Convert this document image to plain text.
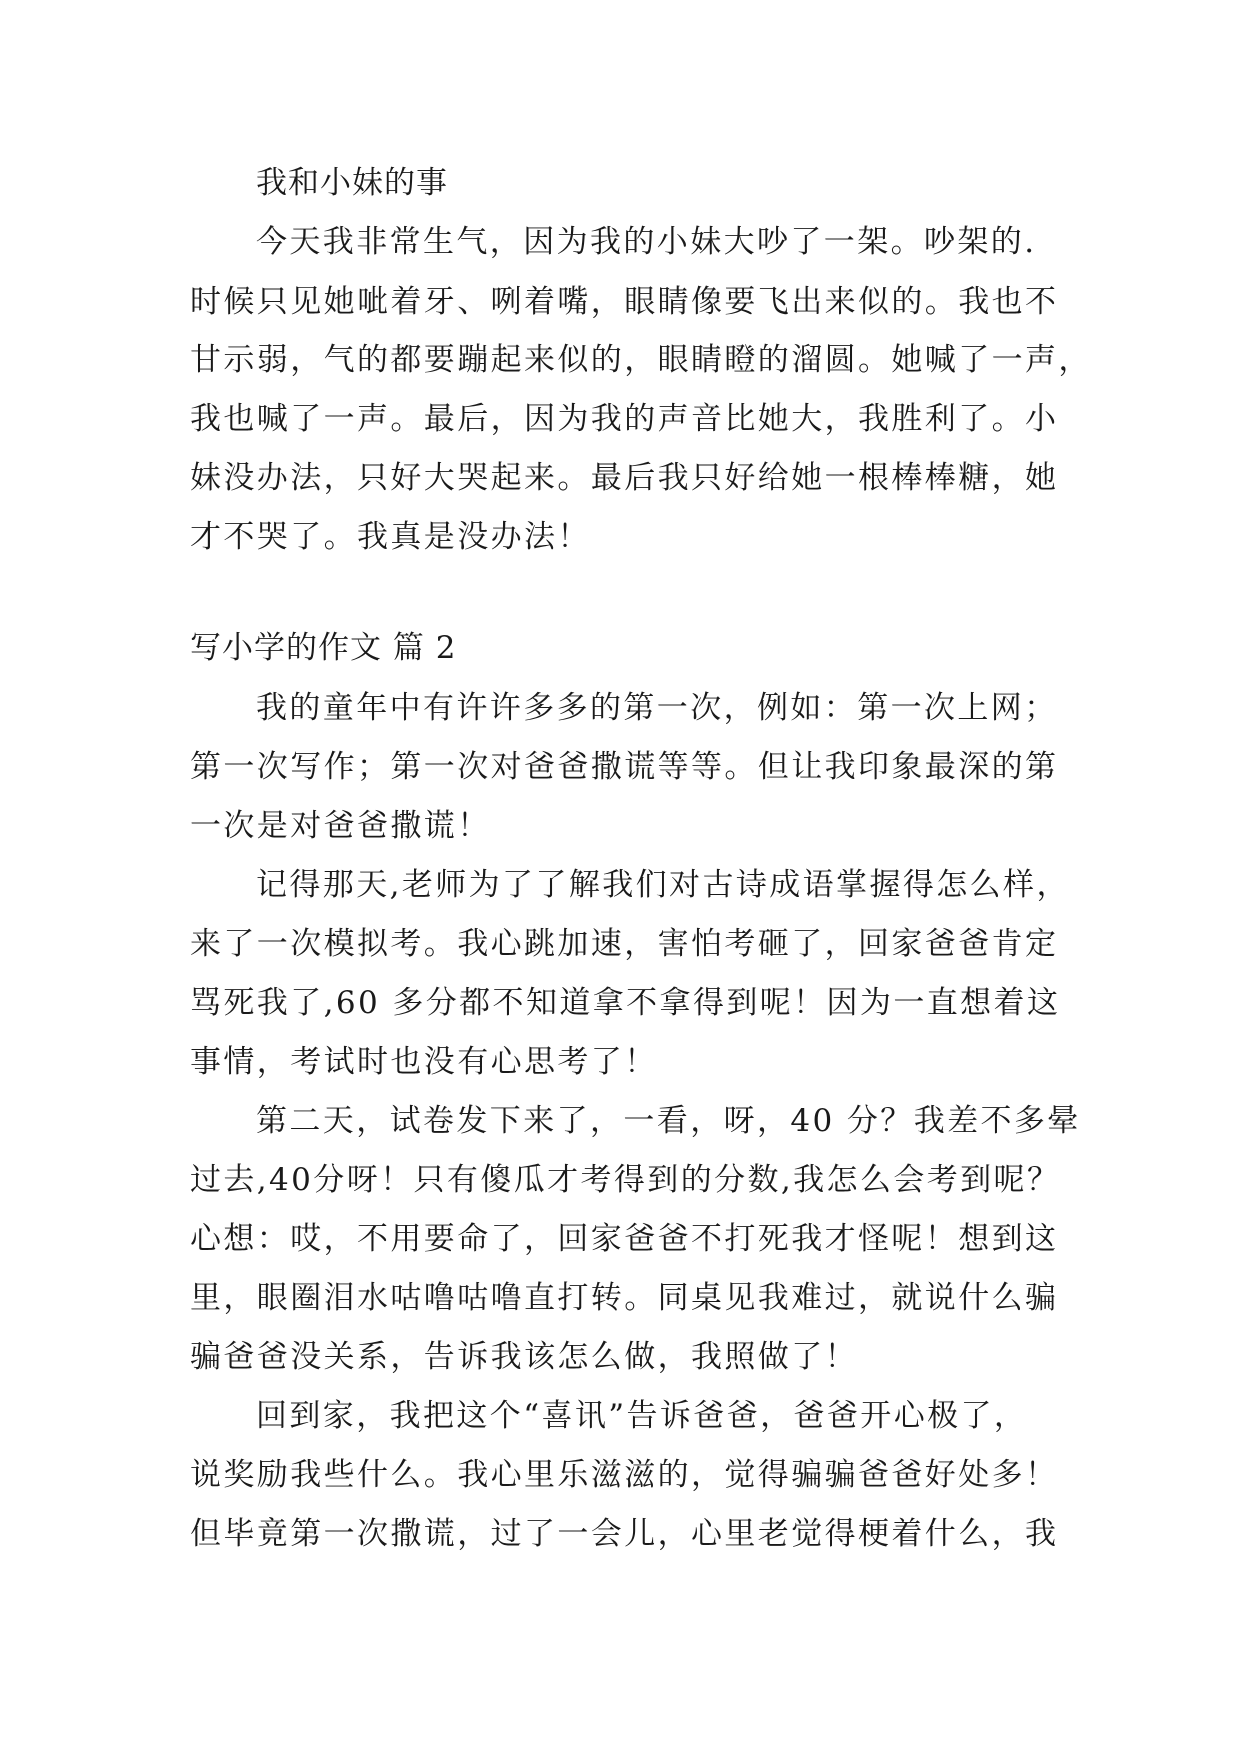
我和小妹的事
今天我非常生气，因为我的小妹大吵了一架。吵架的.
时候只见她呲着牙、咧着嘴，眼睛像要飞出来似的。我也不
甘示弱，气的都要蹦起来似的，眼睛瞪的溜圆。她喊了一声，
我也喊了一声。最后，因为我的声音比她大，我胜利了。小
妹没办法，只好大哭起来。最后我只好给她一根棒棒糖，她
才不哭了。我真是没办法！
写小学的作文 篇 2
我的童年中有许许多多的第一次，例如：第一次上网；
第一次写作；第一次对爸爸撒谎等等。但让我印象最深的第
一次是对爸爸撒谎！
记得那天,老师为了了解我们对古诗成语掌握得怎么样，
来了一次模拟考。我心跳加速，害怕考砸了，回家爸爸肯定
骂死我了,60 多分都不知道拿不拿得到呢！因为一直想着这
事情，考试时也没有心思考了！
第二天，试卷发下来了，一看，呀，40 分？我差不多晕
过去,40分呀！只有傻瓜才考得到的分数,我怎么会考到呢？
心想：哎，不用要命了，回家爸爸不打死我才怪呢！想到这
里，眼圈泪水咕噜咕噜直打转。同桌见我难过，就说什么骗
骗爸爸没关系，告诉我该怎么做，我照做了！
回到家，我把这个“喜讯”告诉爸爸，爸爸开心极了，
说奖励我些什么。我心里乐滋滋的，觉得骗骗爸爸好处多！
但毕竟第一次撒谎，过了一会儿，心里老觉得梗着什么，我
